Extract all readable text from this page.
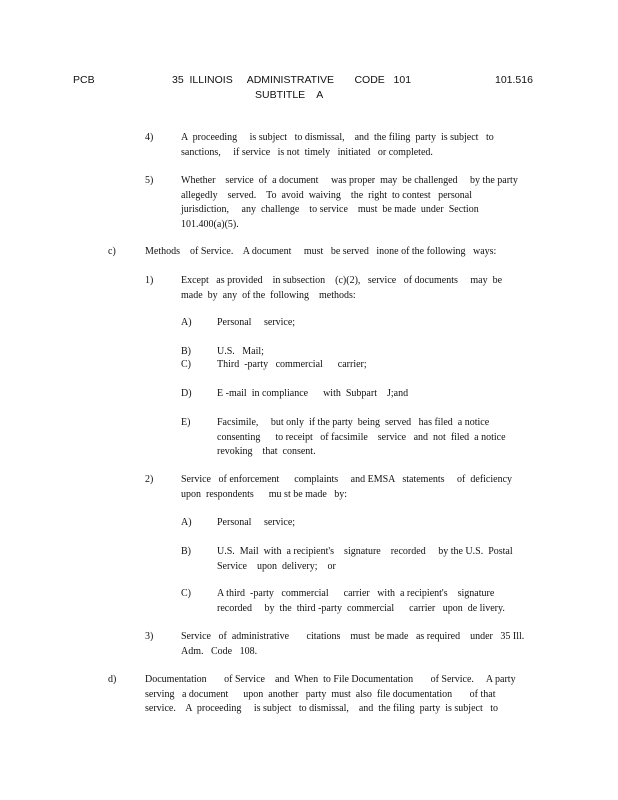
PCB	35  ILLINOIS     ADMINISTRATIVE       CODE   101
SUBTITLE    A
101.516
4)	A  proceeding     is subject   to dismissal,    and  the filing  party  is subject   to
sanctions,     if service   is not  timely   initiated   or completed.
5)	Whether    service  of  a document     was proper  may  be challenged     by the party
allegedly    served.    To  avoid  waiving    the  right  to contest   personal
jurisdiction,     any  challenge    to service    must  be made  under  Section
101.400(a)(5).
c)	Methods    of Service.    A document     must   be served   inone of the following   ways:
1)	Except   as provided    in subsection    (c)(2),   service   of documents     may  be
made  by  any  of the  following    methods:
A)	Personal     service;
B)	U.S.   Mail;
C)	Third  -party   commercial      carrier;
D)	E -mail  in compliance      with  Subpart    J;and
E)	Facsimile,     but only  if the party  being  served   has filed  a notice
consenting      to receipt   of facsimile    service   and  not  filed  a notice
revoking    that  consent.
2)	Service   of enforcement      complaints     and EMSA   statements     of  deficiency
upon  respondents      mu st be made   by:
A)	Personal     service;
B)	U.S.  Mail  with  a recipient's    signature    recorded     by the U.S.  Postal
Service    upon  delivery;    or
C)	A third  -party   commercial      carrier   with  a recipient's    signature
recorded     by  the  third -party  commercial      carrier   upon  de livery.
3)	Service   of  administrative       citations    must  be made   as required    under   35 Ill.
Adm.   Code   108.
d)	Documentation       of Service    and  When  to File Documentation       of Service.     A party
serving   a document      upon  another   party  must  also  file documentation       of that
service.    A  proceeding     is subject   to dismissal,    and  the filing  party  is subject   to
